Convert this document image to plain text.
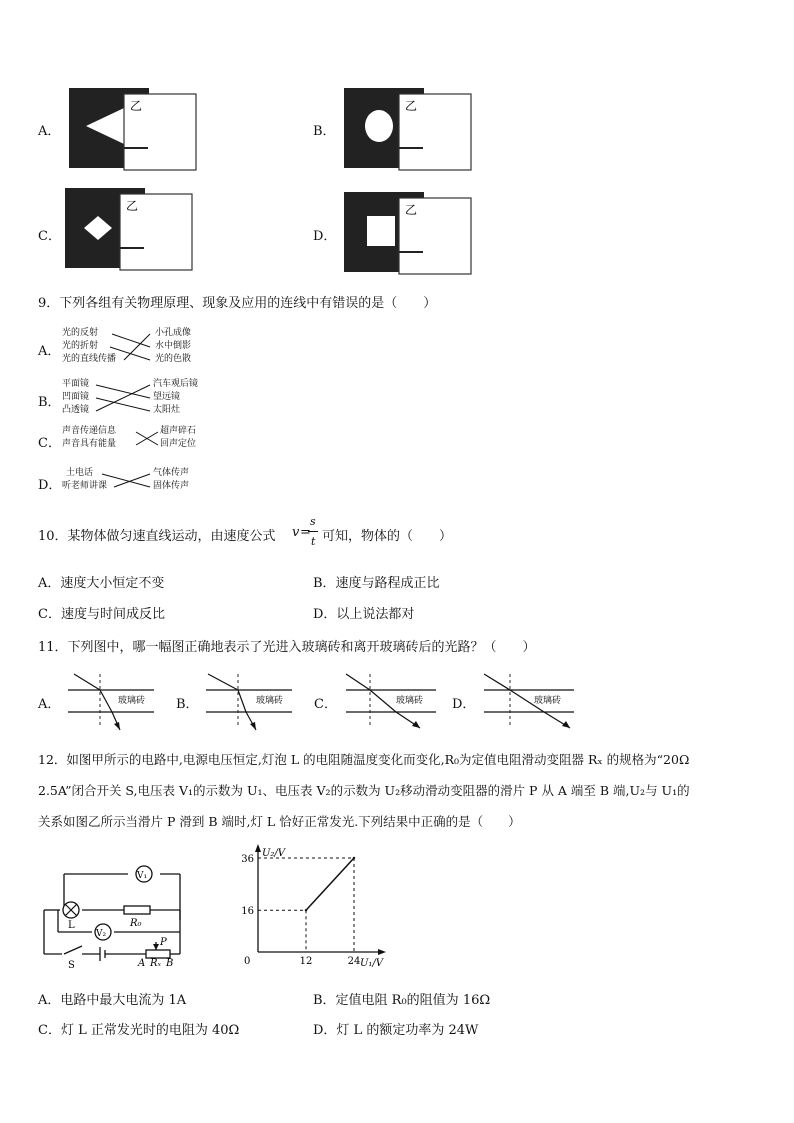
A．
乙
B．
乙
C．
乙
D．
乙
9．下列各组有关物理原理、现象及应用的连线中有错误的是（　　）
A．
光的反射
光的折射
光的直线传播
小孔成像
水中倒影
光的色散
B．
平面镜
凹面镜
凸透镜
汽车观后镜
望远镜
太阳灶
C．
声音传递信息
声音具有能量
超声碎石
回声定位
D．
土电话
听老师讲课
气体传声
固体传声
10．某物体做匀速直线运动，由速度公式 v =
s
t 可知，物体的（　　）
A．速度大小恒定不变	B．速度与路程成正比
C．速度与时间成反比	D．以上说法都对
11．下列图中，哪一幅图正确地表示了光进入玻璃砖和离开玻璃砖后的光路？（　　）
A．	玻璃砖 B．	玻璃砖 C．	玻璃砖 D．	玻璃砖
12．如图甲所示的电路中,电源电压恒定,灯泡 L 的电阻随温度变化而变化,R₀为定值电阻滑动变阻器 Rₓ 的规格为“20Ω
2.5A”闭合开关 S,电压表 V₁的示数为 U₁、电压表 V₂的示数为 U₂移动滑动变阻器的滑片 P 从 A 端至 B 端,U₂与 U₁的
关系如图乙所示当滑片 P 滑到 B 端时,灯 L 恰好正常发光.下列结果中正确的是（　　）
V₁
L	R₀
V₂
P
S	A Rₓ B
U₂/V
U₁/V
0
36
16
12	24
A．电路中最大电流为 1A	B．定值电阻 R₀的阻值为 16Ω
C．灯 L 正常发光时的电阻为 40Ω	D．灯 L 的额定功率为 24W
